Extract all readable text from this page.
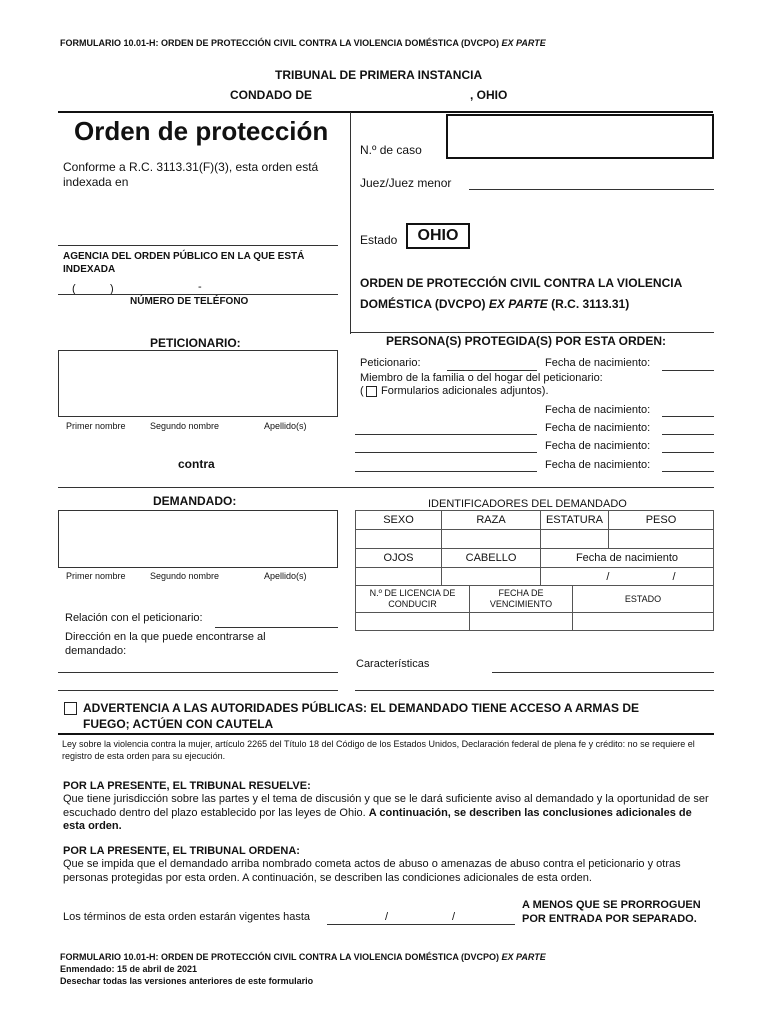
FORMULARIO 10.01-H: ORDEN DE PROTECCIÓN CIVIL CONTRA LA VIOLENCIA DOMÉSTICA (DVCPO) EX PARTE
TRIBUNAL DE PRIMERA INSTANCIA
CONDADO DE	, OHIO
Orden de protección
Conforme a R.C. 3113.31(F)(3), esta orden está indexada en
AGENCIA DEL ORDEN PÚBLICO EN LA QUE ESTÁ INDEXADA
(	)	-
NÚMERO DE TELÉFONO
N.º de caso
Juez/Juez menor
Estado	OHIO
ORDEN DE PROTECCIÓN CIVIL CONTRA LA VIOLENCIA
DOMÉSTICA (DVCPO) EX PARTE (R.C. 3113.31)
PETICIONARIO:
Primer nombre	Segundo nombre	Apellido(s)
contra
PERSONA(S) PROTEGIDA(S) POR ESTA ORDEN:
Peticionario:	Fecha de nacimiento:
Miembro de la familia o del hogar del peticionario:
( Formularios adicionales adjuntos).
Fecha de nacimiento:
Fecha de nacimiento:
Fecha de nacimiento:
Fecha de nacimiento:
DEMANDADO:
Primer nombre	Segundo nombre	Apellido(s)
Relación con el peticionario:
Dirección en la que puede encontrarse al demandado:
IDENTIFICADORES DEL DEMANDADO
SEXO	RAZA	ESTATURA	PESO

OJOS	CABELLO	Fecha de nacimiento
		/ /
N.º DE LICENCIA DE CONDUCIR	FECHA DE VENCIMIENTO	ESTADO

Características
ADVERTENCIA A LAS AUTORIDADES PÚBLICAS: EL DEMANDADO TIENE ACCESO A ARMAS DE
FUEGO; ACTÚEN CON CAUTELA
Ley sobre la violencia contra la mujer, artículo 2265 del Título 18 del Código de los Estados Unidos, Declaración federal de plena fe y crédito: no se requiere el registro de esta orden para su ejecución.
POR LA PRESENTE, EL TRIBUNAL RESUELVE:
Que tiene jurisdicción sobre las partes y el tema de discusión y que se le dará suficiente aviso al demandado y la oportunidad de ser escuchado dentro del plazo establecido por las leyes de Ohio. A continuación, se describen las conclusiones adicionales de esta orden.
POR LA PRESENTE, EL TRIBUNAL ORDENA:
Que se impida que el demandado arriba nombrado cometa actos de abuso o amenazas de abuso contra el peticionario y otras personas protegidas por esta orden. A continuación, se describen las condiciones adicionales de esta orden.
Los términos de esta orden estarán vigentes hasta	/	/
A MENOS QUE SE PRORROGUEN
POR ENTRADA POR SEPARADO.
FORMULARIO 10.01-H: ORDEN DE PROTECCIÓN CIVIL CONTRA LA VIOLENCIA DOMÉSTICA (DVCPO) EX PARTE
Enmendado: 15 de abril de 2021
Desechar todas las versiones anteriores de este formulario
